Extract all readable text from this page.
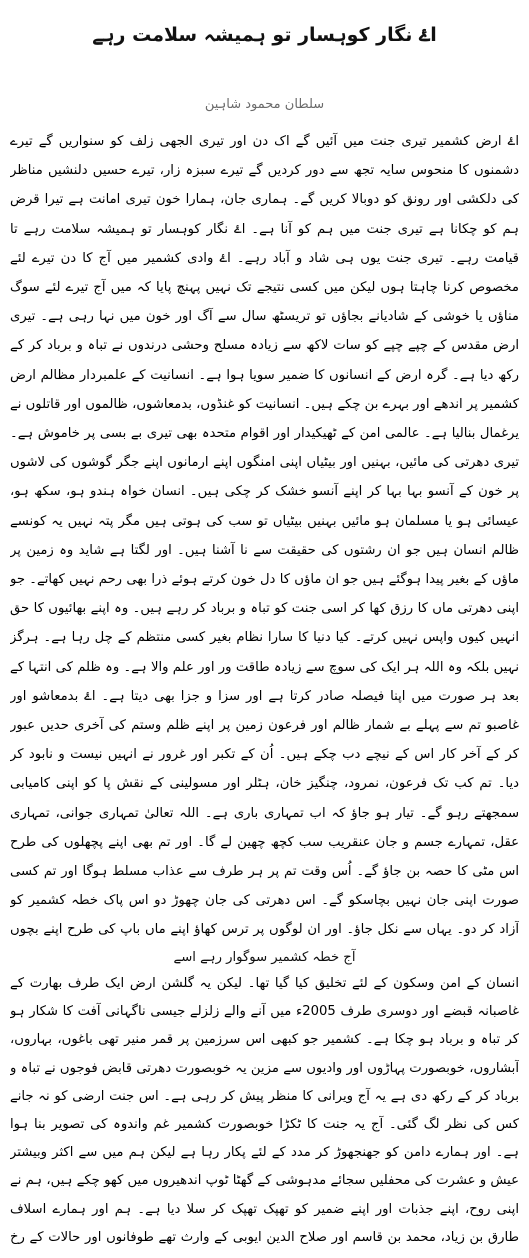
اۓ نگار کوہسار تو ہمیشہ سلامت رہے
سلطان محمود شاہین
اۓ ارض کشمیر تیری جنت میں آئیں گے اک دن اور تیری الجھی زلف کو سنواریں گے تیرے دشمنوں کا منحوس سایہ تجھ سے دور کردیں گے تیرے سبزہ زار، تیرے حسیں دلنشیں مناظر کی دلکشی اور رونق کو دوبالا کریں گے۔ ہماری جان، ہمارا خون تیری امانت ہے تیرا قرض ہم کو چکانا ہے تیری جنت میں ہم کو آنا ہے۔ اۓ نگار کوہسار تو ہمیشہ سلامت رہے تا قیامت رہے۔ تیری جنت یوں ہی شاد و آباد رہے۔ اۓ وادی کشمیر میں آج کا دن تیرے لئے مخصوص کرنا چاہتا ہوں لیکن میں کسی نتیجے تک نہیں پہنچ پایا کہ میں آج تیرے لئے سوگ مناؤں یا خوشی کے شادیانے بجاؤں تو تریسٹھ سال سے آگ اور خون میں نہا رہی ہے۔ تیری ارض مقدس کے چپے چپے کو سات لاکھ سے زیادہ مسلح وحشی درندوں نے تباہ و برباد کر کے رکھ دیا ہے۔ گرہ ارض کے انسانوں کا ضمیر سویا ہوا ہے۔ انسانیت کے علمبردار مظالم ارض کشمیر پر اندھے اور بہرے بن چکے ہیں۔ انسانیت کو غنڈوں، بدمعاشوں، ظالموں اور قاتلوں نے یرغمال بنالیا ہے۔ عالمی امن کے ٹھیکیدار اور اقوام متحدہ بھی تیری بے بسی پر خاموش ہے۔ تیری دھرتی کی مائیں، بہنیں اور بیٹیاں اپنی امنگوں اپنے ارمانوں اپنے جگر گوشوں کی لاشوں پر خون کے آنسو بہا بہا کر اپنے آنسو خشک کر چکی ہیں۔ انسان خواہ ہندو ہو، سکھ ہو، عیسائی ہو یا مسلمان ہو مائیں بہنیں بیٹیاں تو سب کی ہوتی ہیں مگر پتہ نہیں یہ کونسے ظالم انسان ہیں جو ان رشتوں کی حقیقت سے نا آشنا ہیں۔ اور لگتا ہے شاید وہ زمین پر ماؤں کے بغیر پیدا ہوگئے ہیں جو ان ماؤں کا دل خون کرتے ہوئے ذرا بھی رحم نہیں کھاتے۔ جو اپنی دھرتی ماں کا رزق کھا کر اسی جنت کو تباہ و برباد کر رہے ہیں۔ وہ اپنے بھائیوں کا حق انہیں کیوں واپس نہیں کرتے۔ کیا دنیا کا سارا نظام بغیر کسی منتظم کے چل رہا ہے۔ ہرگز نہیں بلکہ وہ اللہ ہر ایک کی سوچ سے زیادہ طاقت ور اور علم والا ہے۔ وہ ظلم کی انتہا کے بعد ہر صورت میں اپنا فیصلہ صادر کرتا ہے اور سزا و جزا بھی دیتا ہے۔ اۓ بدمعاشو اور غاصبو تم سے پہلے بے شمار ظالم اور فرعون زمین پر اپنے ظلم وستم کی آخری حدیں عبور کر کے آخر کار اس کے نیچے دب چکے ہیں۔ اُن کے تکبر اور غرور نے انہیں نیست و نابود کر دیا۔ تم کب تک فرعون، نمرود، چنگیز خان، ہٹلر اور مسولینی کے نقش پا کو اپنی کامیابی سمجھتے رہو گے۔ تیار ہو جاؤ کہ اب تمہاری باری ہے۔ اللہ تعالیٰ تمہاری جوانی، تمہاری عقل، تمہارے جسم و جان عنقریب سب کچھ چھین لے گا۔ اور تم بھی اپنے پچھلوں کی طرح اس مٹی کا حصہ بن جاؤ گے۔ اُس وقت تم پر ہر طرف سے عذاب مسلط ہوگا اور تم کسی صورت اپنی جان نہیں بچاسکو گے۔ اس دھرتی کی جان چھوڑ دو اس پاک خطہ کشمیر کو آزاد کر دو۔ یہاں سے نکل جاؤ۔ اور ان لوگوں پر ترس کھاؤ اپنے ماں باپ کی طرح اپنے بچوں
آج خطہ کشمیر سوگوار رہے اسے
انسان کے امن وسکون کے لئے تخلیق کیا گیا تھا۔ لیکن یہ گلشن ارض ایک طرف بھارت کے غاصبانہ قبضے اور دوسری طرف 2005ء میں آنے والے زلزلے جیسی ناگہانی آفت کا شکار ہو کر تباہ و برباد ہو چکا ہے۔ کشمیر جو کبھی اس سرزمین پر قمر منیر تھی باغوں، بہاروں، آبشاروں، خوبصورت پہاڑوں اور وادیوں سے مزین یہ خوبصورت دھرتی قابض فوجوں نے تباہ و برباد کر کے رکھ دی ہے یہ آج ویرانی کا منظر پیش کر رہی ہے۔ اس جنت ارضی کو نہ جانے کس کی نظر لگ گئی۔ آج یہ جنت کا ٹکڑا خوبصورت کشمیر غم واندوہ کی تصویر بنا ہوا ہے۔ اور ہمارے دامن کو جھنجھوڑ کر مدد کے لئے پکار رہا ہے لیکن ہم میں سے اکثر وبیشتر عیش و عشرت کی محفلیں سجائے مدہوشی کے گھٹا ٹوپ اندھیروں میں کھو چکے ہیں، ہم نے اپنی روح، اپنے جذبات اور اپنے ضمیر کو تھپک تھپک کر سلا دیا ہے۔ ہم اور ہمارے اسلاف طارق بن زیاد، محمد بن قاسم اور صلاح الدین ایوبی کے وارث تھے طوفانوں اور حالات کے رخ
